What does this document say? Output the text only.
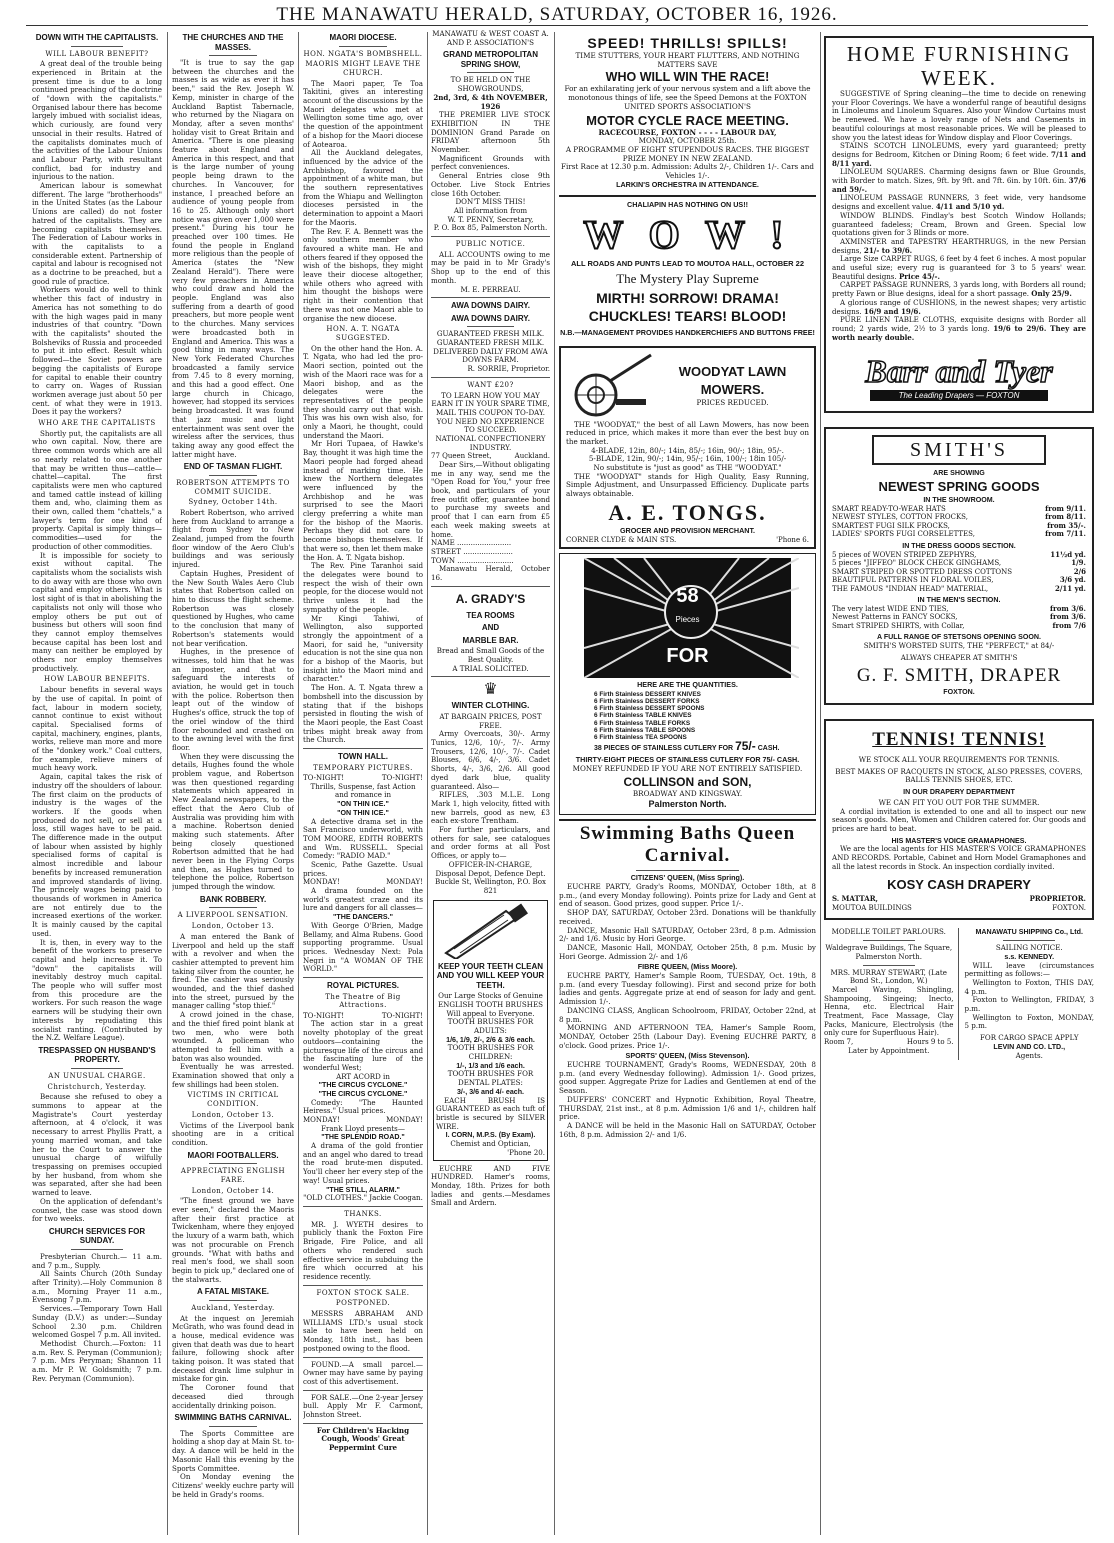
THE MANAWATU HERALD, SATURDAY, OCTOBER 16, 1926.
DOWN WITH THE CAPITALISTS.
WILL LABOUR BENEFIT?

A great deal of the trouble being experienced in Britain at the present time is due to a long continued preaching of the doctrine of "down with the capitalists." Organised labour there has become largely imbued with socialist ideas, which curiously, are found very unsocial in their results. Hatred of the capitalists dominates much of the activities of the Labour Unions and Labour Party, with resultant conflict, bad for industry and injurious to the nation.

American labour is somewhat different. The large "brotherhoods" in the United States (as the Labour Unions are called) do not foster hatred of the capitalists. They are becoming capitalists themselves. The Federation of Labour works in with the capitalists to a considerable extent. Partnership of capital and labour is recognised not as a doctrine to be preached, but a good rule of practice.

Workers would do well to think whether this fact of industry in America has not something to do with the high wages paid in many industries of that country. "Down with the capitalists" shouted the Bolsheviks of Russia and proceeded to put it into effect. Result which followed—the Soviet powers are begging the capitalists of Europe for capital to enable their country to carry on. Wages of Russian workmen average just about 50 per cent. of what they were in 1913. Does it pay the workers?

WHO ARE THE CAPITALISTS

Shortly put, the capitalists are all who own capital. Now, there are three common words which are all so nearly related to one another that may be written thus—cattle—chattel—capital. The first capitalists were men who captured and tamed cattle instead of killing them and, who, claiming them as their own, called them "chattels," a lawyer's term for one kind of property. Capital is simply things—commodities—used for the production of other commodities.

It is impossible for society to exist without capital. The capitalists whom the socialists wish to do away with are those who own capital and employ others. What is lost sight of is that in abolishing the capitalists not only will those who employ others be put out of business but others will soon find they cannot employ themselves because capital has been lost and many can neither be employed by others nor employ themselves productively.

HOW LABOUR BENEFITS.

Labour benefits in several ways by the use of capital. In point of fact, labour in modern society, cannot continue to exist without capital. Specialised forms of capital, machinery, engines, plants, works, relieve man more and more of the "donkey work." Coal cutters, for example, relieve miners of much heavy work.

Again, capital takes the risk of industry off the shoulders of labour. The first claim on the products of industry is the wages of the workers. If the goods when produced do not sell, or sell at a loss, still wages have to be paid. The difference made in the output of labour when assisted by highly specialised forms of capital is almost incredible and labour benefits by increased remuneration and improved standards of living. The princely wages being paid to thousands of workmen in America are not entirely due to the increased exertions of the worker. It is mainly caused by the capital used.

It is, then, in every way to the benefit of the workers to preserve capital and help increase it. To "down" the capitalists will inevitably destroy much capital. The people who will suffer most from this procedure are the workers. For such reason the wage earners will be studying their own interests by repudiating this socialist ranting. (Contributed by the N.Z. Welfare League).

TRESPASSED ON HUSBAND'S PROPERTY.
AN UNUSUAL CHARGE.
Christchurch, Yesterday.

Because she refused to obey a summons to appear at the Magistrate's Court yesterday afternoon, at 4 o'clock, it was necessary to arrest Phyllis Pratt, a young married woman, and take her to the Court to answer the unusual charge of wilfully trespassing on premises occupied by her husband, from whom she was separated, after she had been warned to leave.

On the application of defendant's counsel, the case was stood down for two weeks.

CHURCH SERVICES FOR SUNDAY.

Presbyterian Church.— 11 a.m. and 7 p.m., Supply.

All Saints Church (20th Sunday after Trinity).—Holy Communion 8 a.m., Morning Prayer 11 a.m., Evensong 7 p.m.

Services.—Temporary Town Hall Sunday (D.V.) as under:—Sunday School 2.30 p.m. Children welcomed Gospel 7 p.m. All invited.

Methodist Church.—Foxton: 11 a.m. Rev. S. Peryman (Communion); 7 p.m. Mrs Peryman; Shannon 11 a.m. Mr P. W. Goldsmith; 7 p.m. Rev. Peryman (Communion).

THE CHURCHES AND THE MASSES.

"It is true to say the gap between the churches and the masses is as wide as ever it has been," said the Rev. Joseph W. Kemp, minister in charge of the Auckland Baptist Tabernacle, who returned by the Niagara on Monday, after a seven months' holiday visit to Great Britain and America. "There is one pleasing feature about England and America in this respect, and that is the large number of young people being drawn to the churches. In Vancouver, for instance, I preached before an audience of young people from 16 to 25. Although only short notice was given over 1,000 were present." During his tour he preached over 100 times. He found the people in England more religious than the people of America (states the "New Zealand Herald"). There were very few preachers in America who could draw and hold the people. England was also suffering from a dearth of good preachers, but more people went to the churches. Many services were broadcasted both in England and America. This was a good thing in many ways. The New York Federated Churches broadcasted a family service from 7.45 to 8 every morning, and this had a good effect. One large church in Chicago, however, had stopped its services being broadcasted. It was found that jazz music and light entertainment was sent over the wireless after the services, thus taking away any good effect the latter might have.

END OF TASMAN FLIGHT.
ROBERTSON ATTEMPTS TO COMMIT SUICIDE.
Sydney, October 14th.

Robert Robertson, who arrived here from Auckland to arrange a flight from Sydney to New Zealand, jumped from the fourth floor window of the Aero Club's buildings and was seriously injured.

Captain Hughes, President of the New South Wales Aero Club states that Robertson called on him to discuss the flight scheme. Robertson was closely questioned by Hughes, who came to the conclusion that many of Robertson's statements would not bear verification.

Hughes, in the presence of witnesses, told him that he was an imposter, and that to safeguard the interests of aviation, he would get in touch with the police. Robertson then leapt out of the window of Hughes's office, struck the top of the oriel window of the third floor rebounded and crashed on to the awning level with the first floor.

When they were discussing the details, Hughes found the whole problem vague, and Robertson was then questioned regarding statements which appeared in New Zealand newspapers, to the effect that the Aero Club of Australia was providing him with a machine. Robertson denied making such statements. After being closely questioned Robertson admitted that he had never been in the Flying Corps and then, as Hughes turned to telephone the police, Robertson jumped through the window.

BANK ROBBERY.
A LIVERPOOL SENSATION.
London, October 13.

A man entered the Bank of Liverpool and held up the staff with a revolver and when the cashier attempted to prevent him taking silver from the counter, he fired. The cashier was seriously wounded, and the thief dashed into the street, pursued by the manager calling "stop thief."

A crowd joined in the chase, and the thief fired point blank at two men, who were both wounded. A policeman who attempted to fell him with a baton was also wounded.

Eventually he was arrested. Examination showed that only a few shillings had been stolen.

VICTIMS IN CRITICAL CONDITION.
London, October 13.

Victims of the Liverpool bank shooting are in a critical condition.

MAORI FOOTBALLERS.
APPRECIATING ENGLISH FARE.
London, October 14.

"The finest ground we have ever seen," declared the Maoris after their first practice at Twickenham, where they enjoyed the luxury of a warm bath, which was not procurable on French grounds. "What with baths and real men's food, we shall soon begin to pick up," declared one of the stalwarts.

A FATAL MISTAKE.
Auckland, Yesterday.

At the inquest on Jeremiah McGrath, who was found dead in a house, medical evidence was given that death was due to heart failure, following shock after taking poison. It was stated that deceased drank lime sulphur in mistake for gin.

The Coroner found that deceased died through accidentally drinking poison.

SWIMMING BATHS CARNIVAL.

The Sports Committee are holding a shop day at Main St. to-day. A dance will be held in the Masonic Hall this evening by the Sports Committee.

On Monday evening the Citizens' weekly euchre party will be held in Grady's rooms.

MAORI DIOCESE.
HON. NGATA'S BOMBSHELL.
MAORIS MIGHT LEAVE THE CHURCH.

The Maori paper, Te Toa Takitini, gives an interesting account of the discussions by the Maori delegates who met at Wellington some time ago, over the question of the appointment of a bishop for the Maori diocese of Aotearoa.

All the Auckland delegates, influenced by the advice of the Archbishop, favoured the appointment of a white man, but the southern representatives from the Whiapu and Wellington dioceses persisted in the determination to appoint a Maori for the Maoris.

The Rev. F. A. Bennett was the only southern member who favoured a white man. He and others feared if they opposed the wish of the bishops, they might leave their diocese altogether, while others who agreed with him thought the bishops were right in their contention that there was not one Maori able to organise the new diocese.

HON. A. T. NGATA SUGGESTED.

On the other hand the Hon. A. T. Ngata, who had led the pro-Maori section, pointed out the wish of the Maori race was for a Maori bishop, and as the delegates were the representatives of the people they should carry out that wish. This was his own wish also, for only a Maori, he thought, could understand the Maori.

Mr Hori Tupaea, of Hawke's Bay, thought it was high time the Maori people had forged ahead instead of marking time. He knew the Northern delegates were influenced by the Archbishop and he was surprised to see the Maori clergy preferring a white man for the bishop of the Maoris. Perhaps they did not care to become bishops themselves. If that were so, then let them make the Hon. A. T. Ngata bishop.

The Rev. Pine Taranhoi said the delegates were bound to respect the wish of their own people, for the diocese would not thrive unless it had the sympathy of the people.

Mr Kingi Tahiwi, of Wellington, also supported strongly the appointment of a Maori, for said he, "university education is not the sine qua non for a bishop of the Maoris, but insight into the Maori mind and character."

The Hon. A. T. Ngata threw a bombshell into the discussion by stating that if the bishops persisted in flouting the wish of the Maori people, the East Coast tribes might break away from the Church.

TOWN HALL.
TEMPORARY PICTURES.
TO-NIGHT!	TO-NIGHT!

Thrills, Suspense, fast Action and romance in

"ON THIN ICE."

"ON THIN ICE."

A detective drama set in the San Francisco underworld, with TOM MOORE, EDITH ROBERTS and Wm. RUSSELL. Special Comedy: "RADIO MAD."

Scenic, Pathe Gazette. Usual prices.

MONDAY!	MONDAY!

A drama founded on the world's greatest craze and its lure and dangers for all classes—

"THE DANCERS."

With George O'Brien, Madge Bellamy, and Alma Rubens. Good supporting programme. Usual prices. Wednesday Next: Pola Negri in "A WOMAN OF THE WORLD."

ROYAL PICTURES.
The Theatre of Big Attractions.
TO-NIGHT!	TO-NIGHT!

The action star in a great novelty photoplay of the great outdoors—containing the picturesque life of the circus and the fascinating lure of the wonderful West;

ART ACORD in

"THE CIRCUS CYCLONE."

"THE CIRCUS CYCLONE."

Comedy: "The Haunted Heiress." Usual prices.

MONDAY!	MONDAY!

Frank Lloyd presents—

"THE SPLENDID ROAD."

A drama of the gold frontier and an angel who dared to tread the road brute-men disputed. You'll cheer her every step of the way! Usual prices.

"THE STILL, ALARM."

"OLD CLOTHES." Jackie Coogan.

THANKS.

MR. J. WYETH desires to publicly thank the Foxton Fire Brigade, Fire Police, and all others who rendered such effective service in subduing the fire which occurred at his residence recently.

FOXTON STOCK SALE.
POSTPONED.

MESSRS ABRAHAM AND WILLIAMS LTD.'s usual stock sale to have been held on Monday, 18th inst., has been postponed owing to the flood.

FOUND.—A small parcel.—Owner may have same by paying cost of this advertisement.

FOR SALE.—One 2-year Jersey bull. Apply Mr F. Carmont, Johnston Street.

For Children's Hacking Cough, Woods' Great Peppermint Cure

MANAWATU & WEST COAST A. AND P. ASSOCIATION'S

GRAND METROPOLITAN SPRING SHOW,

TO BE HELD ON THE SHOWGROUNDS,

2nd, 3rd, & 4th NOVEMBER, 1926

THE PREMIER LIVE STOCK EXHIBITION IN THE DOMINION Grand Parade on FRIDAY afternoon 5th November.

Magnificent Grounds with perfect conveniences.

General Entries close 9th October. Live Stock Entries close 16th October.

DON'T MISS THIS!

All information from

W. T. PENNY, Secretary,

P. O. Box 85, Palmerston North.

PUBLIC NOTICE.

ALL ACCOUNTS owing to me may be paid in to Mr Grady's Shop up to the end of this month.

M. E. PERREAU.

AWA DOWNS DAIRY.
AWA DOWNS DAIRY.

GUARANTEED FRESH MILK.

GUARANTEED FRESH MILK.

DELIVERED DAILY FROM AWA DOWNS FARM.

R. SORRIE, Proprietor.

WANT £20?

TO LEARN HOW YOU MAY EARN IT IN YOUR SPARE TIME, MAIL THIS COUPON TO-DAY.

YOU NEED NO EXPERIENCE TO SUCCEED.

NATIONAL CONFECTIONERY INDUSTRY.

77 Queen Street,	Auckland.

Dear Sirs,—Without obligating me in any way, send me the "Open Road for You," your free book, and particulars of your free outfit offer, guarantee bond to purchase my sweets and proof that I can earn from £5 each week making sweets at home.

NAME ........................

STREET ......................

TOWN .........................

Manawatu Herald, October 16.

A. GRADY'S
TEA ROOMS
AND
MARBLE BAR.

Bread and Small Goods of the Best Quality.

A TRIAL SOLICITED.

♛
WINTER CLOTHING.

AT BARGAIN PRICES, POST FREE.

Army Overcoats, 30/-. Army Tunics, 12/6, 10/-, 7/-. Army Trousers, 12/6, 10/-, 7/-. Cadet Blouses, 6/6, 4/-, 3/6. Cadet Shorts, 4/-, 3/6, 2/6. All good dyed dark blue, quality guaranteed. Also—

RIFLES, .303 M.L.E. Long Mark 1, high velocity, fitted with new barrels, good as new, £3 each ex-store Trentham.

For further particulars, and others for sale, see catalogues and order forms at all Post Offices, or apply to—

OFFICER-IN-CHARGE,

Disposal Depot, Defence Dept. Buckle St, Wellington, P.O. Box 821

KEEP YOUR TEETH CLEAN AND YOU WILL KEEP YOUR TEETH.

Our Large Stocks of Genuine ENGLISH TOOTH BRUSHES Will appeal to Everyone.

TOOTH BRUSHES FOR ADULTS:

1/6, 1/9, 2/-, 2/6 & 3/6 each.

TOOTH BRUSHES FOR CHILDREN:

1/-, 1/3 and 1/6 each.

TOOTH BRUSHES FOR DENTAL PLATES:

3/-, 3/6 and 4/- each.

EACH BRUSH IS GUARANTEED as each tuft of bristle is secured by SILVER WIRE.

I. CORN, M.P.S. (By Exam).

Chemist and Optician,

'Phone 20.

EUCHRE AND FIVE HUNDRED. Hamer's rooms, Monday, 18th. Prizes for both ladies and gents.—Mesdames Small and Ardern.

SPEED! THRILLS! SPILLS!

TIME STUTTERS, YOUR HEART FLUTTERS, AND NOTHING MATTERS SAVE

WHO WILL WIN THE RACE!

For an exhilarating jerk of your nervous system and a lift above the monotonous things of life, see the Speed Demons at the FOXTON UNITED SPORTS ASSOCIATION'S

MOTOR CYCLE RACE MEETING.

RACECOURSE, FOXTON - - - - LABOUR DAY,

MONDAY, OCTOBER 25th.

A PROGRAMME OF EIGHT STUPENDOUS RACES. THE BIGGEST PRIZE MONEY IN NEW ZEALAND.

First Race at 12.30 p.m. Admission: Adults 2/-, Children 1/-. Cars and Vehicles 1/-.

LARKIN'S ORCHESTRA IN ATTENDANCE.

CHALIAPIN HAS NOTHING ON US!!

W O W !

ALL ROADS AND PUNTS LEAD TO MOUTOA HALL, OCTOBER 22

The Mystery Play Supreme
MIRTH! SORROW! DRAMA!
CHUCKLES! TEARS! BLOOD!

N.B.—MANAGEMENT PROVIDES HANDKERCHIEFS AND BUTTONS FREE!

WOODYAT LAWN
MOWERS.

PRICES REDUCED.

THE "WOODYAT," the best of all Lawn Mowers, has now been reduced in price, which makes it more than ever the best buy on the market.

4-BLADE, 12in, 80/-; 14in, 85/-; 16in, 90/-; 18in, 95/-.

5-BLADE, 12in, 90/-; 14in, 95/-; 16in, 100/-; 18in 105/-

No substitute is "just as good" as THE "WOODYAT."

THE "WOODYAT" stands for High Quality, Easy Running, Simple Adjustment, and Unsurpassed Efficiency. Duplicate parts always obtainable.

A. E. TONGS.

GROCER AND PROVISION MERCHANT.

CORNER CLYDE & MAIN STS.	'Phone 6.
58
Pieces
FOR

HERE ARE THE QUANTITIES.

6 Firth Stainless DESSERT KNIVES
6 Firth Stainless DESSERT FORKS
6 Firth Stainless DESSERT SPOONS
6 Firth Stainless TABLE KNIVES
6 Firth Stainless TABLE FORKS
6 Firth Stainless TABLE SPOONS
6 Firth Stainless TEA SPOONS
38 PIECES OF STAINLESS CUTLERY FOR 75/- CASH.

THIRTY-EIGHT PIECES OF STAINLESS CUTLERY FOR 75/- CASH.

MONEY REFUNDED IF YOU ARE NOT ENTIRELY SATISFIED.

COLLINSON and SON,

BROADWAY AND KINGSWAY.

Palmerston North.

Swimming Baths Queen
Carnival.

CITIZENS' QUEEN, (Miss Spring).

EUCHRE PARTY, Grady's Rooms, MONDAY, October 18th, at 8 p.m., (and every Monday following). Points prize for Lady and Gent at end of season. Good prizes, good supper. Price 1/-.

SHOP DAY, SATURDAY, October 23rd. Donations will be thankfully received.

DANCE, Masonic Hall SATURDAY, October 23rd, 8 p.m. Admission 2/- and 1/6. Music by Hori George.

DANCE, Masonic Hall, MONDAY, October 25th, 8 p.m. Music by Hori George. Admission 2/- and 1/6

FIBRE QUEEN, (Miss Moore).

EUCHRE PARTY, Hamer's Sample Room, TUESDAY, Oct. 19th, 8 p.m. (and every Tuesday following). First and second prize for both ladies and gents. Aggregate prize at end of season for lady and gent. Admission 1/-.

DANCING CLASS, Anglican Schoolroom, FRIDAY, October 22nd, at 8 p.m.

MORNING AND AFTERNOON TEA, Hamer's Sample Room, MONDAY, October 25th (Labour Day). Evening EUCHRE PARTY, 8 o'clock. Good prizes. Price 1/-.

SPORTS' QUEEN, (Miss Stevenson).

EUCHRE TOURNAMENT, Grady's Rooms, WEDNESDAY, 20th 8 p.m. (and every Wednesday following). Admission 1/-. Good prizes, good supper. Aggregate Prize for Ladies and Gentlemen at end of the Season.

DUFFERS' CONCERT and Hypnotic Exhibition, Royal Theatre, THURSDAY, 21st inst., at 8 p.m. Admission 1/6 and 1/-, children half price.

A DANCE will be held in the Masonic Hall on SATURDAY, October 16th, 8 p.m. Admission 2/- and 1/6.

HOME FURNISHING
WEEK.

SUGGESTIVE of Spring cleaning—the time to decide on renewing your Floor Coverings. We have a wonderful range of beautiful designs in Linoleums and Linoleum Squares. Also your Window Curtains must be renewed. We have a lovely range of Nets and Casements in beautiful colourings at most reasonable prices. We will be pleased to show you the latest ideas for Window display and Floor Coverings.

STAINS SCOTCH LINOLEUMS, every yard guaranteed; pretty designs for Bedroom, Kitchen or Dining Room; 6 feet wide. 7/11 and 8/11 yard.

LINOLEUM SQUARES. Charming designs fawn or Blue Grounds, with Border to match. Sizes, 9ft. by 9ft. and 7ft. 6in. by 10ft. 6in. 37/6 and 59/-.

LINOLEUM PASSAGE RUNNERS, 3 feet wide, very handsome designs and excellent value. 4/11 and 5/10 yd.

WINDOW BLINDS. Findlay's best Scotch Window Hollands; guaranteed fadeless; Cream, Brown and Green. Special low quotations given for 3 Blinds or more.

AXMINSTER and TAPESTRY HEARTHRUGS, in the new Persian designs, 21/- to 39/6.

Large Size CARPET RUGS, 6 feet by 4 feet 6 inches. A most popular and useful size; every rug is guaranteed for 3 to 5 years' wear. Beautiful designs. Price 45/-.

CARPET PASSAGE RUNNERS, 3 yards long, with Borders all round; pretty Fawn or Blue designs, ideal for a short passage. Only 25/9.

A glorious range of CUSHIONS, in the newest shapes; very artistic designs. 16/9 and 19/6.

PURE LINEN TABLE CLOTHS, exquisite designs with Border all round; 2 yards wide, 2½ to 3 yards long. 19/6 to 29/6. They are worth nearly double.

Barr and Tyer
The Leading Drapers — FOXTON
SMITH'S

ARE SHOWING

NEWEST SPRING GOODS

IN THE SHOWROOM.

SMART READY-TO-WEAR HATS	from 9/11.
NEWEST STYLES, COTTON FROCKS,	from 8/11.
SMARTEST FUGI SILK FROCKS,	from 35/-.
LADIES' SPORTS FUGI CORSELETTES,	from 7/11.

IN THE DRESS GOODS SECTION.

5 pieces of WOVEN STRIPED ZEPHYRS,	11½d yd.
5 pieces "JIFFEO" BLOCK CHECK GINGHAMS,	1/9.
SMART STRIPED OR SPOTTED DRESS COTTONS	2/6
BEAUTIFUL PATTERNS IN FLORAL VOILES,	3/6 yd.
THE FAMOUS "INDIAN HEAD" MATERIAL,	2/11 yd.

IN THE MEN'S SECTION.

The very latest WIDE END TIES,	from 3/6.
Newest Patterns in FANCY SOCKS,	from 3/6.
Smart STRIPED SHIRTS, with Collar,	from 7/6

A FULL RANGE OF STETSONS OPENING SOON.

SMITH'S WORSTED SUITS, THE "PERFECT," at 84/-

ALWAYS CHEAPER AT SMITH'S

G. F. SMITH, DRAPER

FOXTON.

TENNIS! TENNIS!

WE STOCK ALL YOUR REQUIREMENTS FOR TENNIS.

BEST MAKES OF RACQUETS IN STOCK, ALSO PRESSES, COVERS, BALLS TENNIS SHOES, ETC.

IN OUR DRAPERY DEPARTMENT

WE CAN FIT YOU OUT FOR THE SUMMER.

A cordial invitation is extended to one and all to inspect our new season's goods. Men, Women and Children catered for. Our goods and prices are hard to beat.

HIS MASTER'S VOICE GRAMAPHONES.

We are the local agents for HIS MASTER'S VOICE GRAMAPHONES AND RECORDS. Portable, Cabinet and Horn Model Gramaphones and all the latest records in Stock. An inspection cordially invited.

KOSY CASH DRAPERY
S. MATTAR,	PROPRIETOR.
MOUTOA BUILDINGS	FOXTON.

MODELLE TOILET PARLOURS.

Waldegrave Buildings, The Square, Palmerston North.

MRS. MURRAY STEWART, (Late Bond St., London, W.)

Marcel Waving, Shingling, Shampooing, Singeing; Inecto, Henna, etc. Electrical Hair Treatment, Face Massage, Clay Packs, Manicure, Electrolysis (the only cure for Superfluous Hair).

Room 7,	Hours 9 to 5.

Later by Appointment.

MANAWATU SHIPPING Co., Ltd.

SAILING NOTICE.

s.s. KENNEDY.

WILL leave (circumstances permitting as follows:—

Wellington to Foxton, THIS DAY, 4 p.m.

Foxton to Wellington, FRIDAY, 3 p.m.

Wellington to Foxton, MONDAY, 5 p.m.

FOR CARGO SPACE APPLY

LEVIN AND CO. LTD.,

Agents.
